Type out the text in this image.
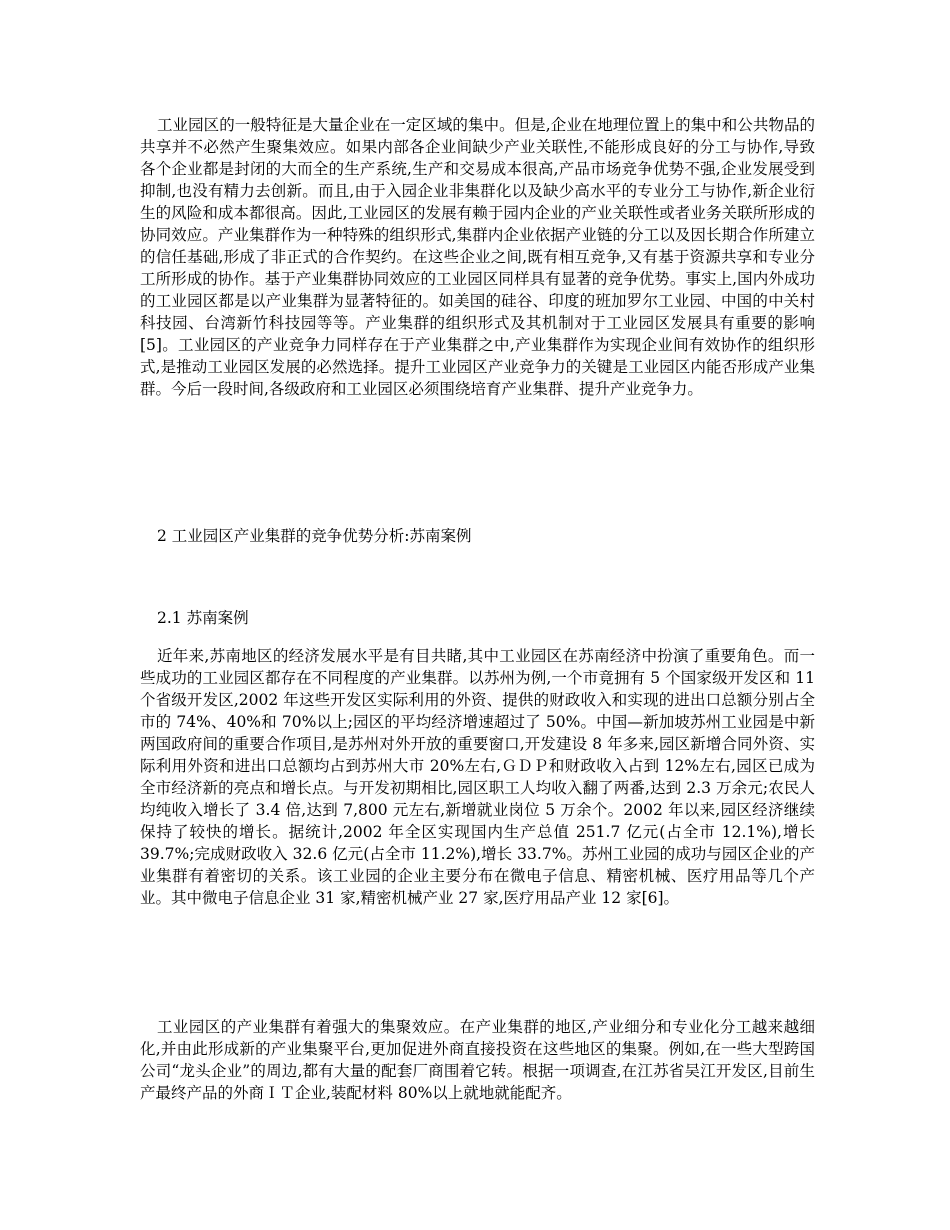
工业园区的一般特征是大量企业在一定区域的集中。但是,企业在地理位置上的集中和公共物品的共享并不必然产生聚集效应。如果内部各企业间缺少产业关联性,不能形成良好的分工与协作,导致各个企业都是封闭的大而全的生产系统,生产和交易成本很高,产品市场竞争优势不强,企业发展受到抑制,也没有精力去创新。而且,由于入园企业非集群化以及缺少高水平的专业分工与协作,新企业衍生的风险和成本都很高。因此,工业园区的发展有赖于园内企业的产业关联性或者业务关联所形成的协同效应。产业集群作为一种特殊的组织形式,集群内企业依据产业链的分工以及因长期合作所建立的信任基础,形成了非正式的合作契约。在这些企业之间,既有相互竞争,又有基于资源共享和专业分工所形成的协作。基于产业集群协同效应的工业园区同样具有显著的竞争优势。事实上,国内外成功的工业园区都是以产业集群为显著特征的。如美国的硅谷、印度的班加罗尔工业园、中国的中关村科技园、台湾新竹科技园等等。产业集群的组织形式及其机制对于工业园区发展具有重要的影响[5]。工业园区的产业竞争力同样存在于产业集群之中,产业集群作为实现企业间有效协作的组织形式,是推动工业园区发展的必然选择。提升工业园区产业竞争力的关键是工业园区内能否形成产业集群。今后一段时间,各级政府和工业园区必须围绕培育产业集群、提升产业竞争力。

2 工业园区产业集群的竞争优势分析:苏南案例
2.1 苏南案例

近年来,苏南地区的经济发展水平是有目共睹,其中工业园区在苏南经济中扮演了重要角色。而一些成功的工业园区都存在不同程度的产业集群。以苏州为例,一个市竟拥有 5 个国家级开发区和 11 个省级开发区,2002 年这些开发区实际利用的外资、提供的财政收入和实现的进出口总额分别占全市的 74%、40%和 70%以上;园区的平均经济增速超过了 50%。中国—新加坡苏州工业园是中新两国政府间的重要合作项目,是苏州对外开放的重要窗口,开发建设 8 年多来,园区新增合同外资、实际利用外资和进出口总额均占到苏州大市 20%左右,ＧＤＰ和财政收入占到 12%左右,园区已成为全市经济新的亮点和增长点。与开发初期相比,园区职工人均收入翻了两番,达到 2.3 万余元;农民人均纯收入增长了 3.4 倍,达到 7,800 元左右,新增就业岗位 5 万余个。2002 年以来,园区经济继续保持了较快的增长。据统计,2002 年全区实现国内生产总值 251.7 亿元(占全市 12.1%),增长 39.7%;完成财政收入 32.6 亿元(占全市 11.2%),增长 33.7%。苏州工业园的成功与园区企业的产业集群有着密切的关系。该工业园的企业主要分布在微电子信息、精密机械、医疗用品等几个产业。其中微电子信息企业 31 家,精密机械产业 27 家,医疗用品产业 12 家[6]。

工业园区的产业集群有着强大的集聚效应。在产业集群的地区,产业细分和专业化分工越来越细化,并由此形成新的产业集聚平台,更加促进外商直接投资在这些地区的集聚。例如,在一些大型跨国公司“龙头企业”的周边,都有大量的配套厂商围着它转。根据一项调查,在江苏省吴江开发区,目前生产最终产品的外商ＩＴ企业,装配材料 80%以上就地就能配齐。
